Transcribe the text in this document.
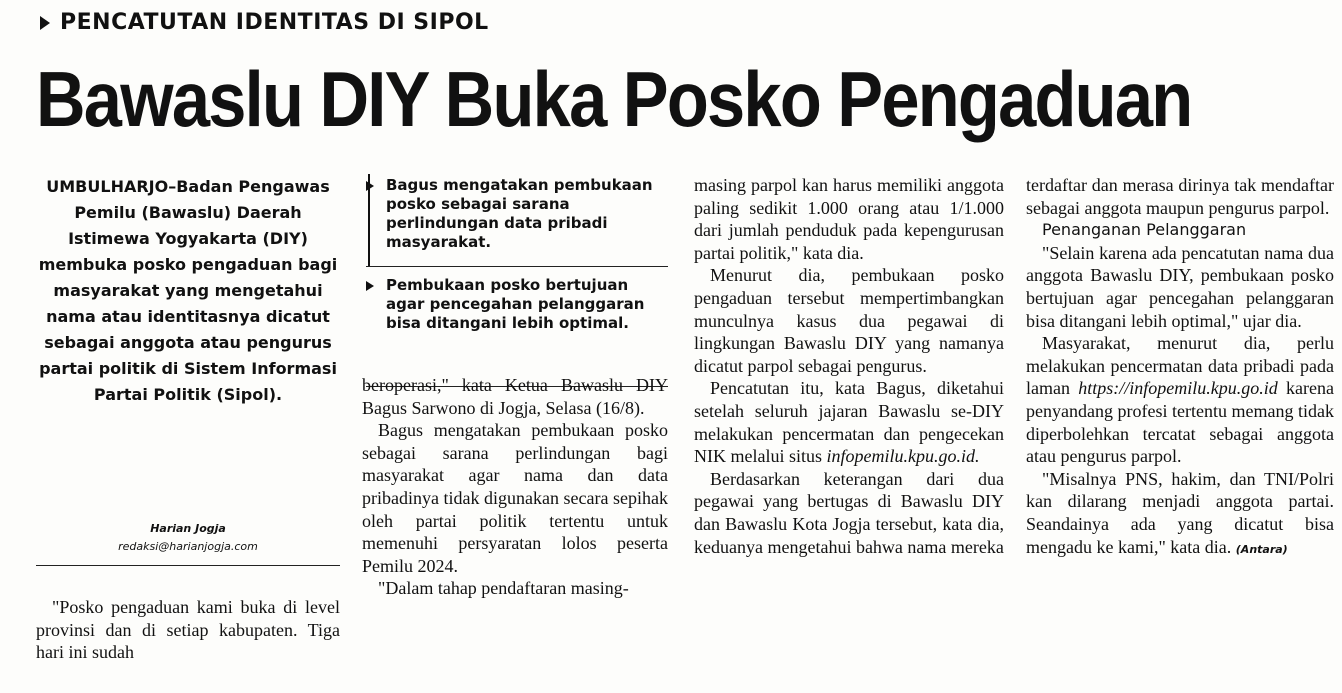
PENCATUTAN IDENTITAS DI SIPOL
Bawaslu DIY Buka Posko Pengaduan

UMBULHARJO–Badan Pengawas Pemilu (Bawaslu) Daerah Istimewa Yogyakarta (DIY) membuka posko pengaduan bagi masyarakat yang mengetahui nama atau identitasnya dicatut sebagai anggota atau pengurus partai politik di Sistem Informasi Partai Politik (Sipol).

Harian Jogja
redaksi@harianjogja.com

"Posko pengaduan kami buka di level provinsi dan di setiap kabupaten. Tiga hari ini sudah

Bagus mengatakan pembukaan posko sebagai sarana perlindungan data pribadi masyarakat.

Pembukaan posko bertujuan agar pencegahan pelanggaran bisa ditangani lebih optimal.

beroperasi," kata Ketua Bawaslu DIY Bagus Sarwono di Jogja, Selasa (16/8).

Bagus mengatakan pembukaan posko sebagai sarana perlindungan bagi masyarakat agar nama dan data pribadinya tidak digunakan secara sepihak oleh partai politik tertentu untuk memenuhi persyaratan lolos peserta Pemilu 2024.

"Dalam tahap pendaftaran masing-

masing parpol kan harus memiliki anggota paling sedikit 1.000 orang atau 1/1.000 dari jumlah penduduk pada kepengurusan partai politik," kata dia.

Menurut dia, pembukaan posko pengaduan tersebut mempertimbangkan munculnya kasus dua pegawai di lingkungan Bawaslu DIY yang namanya dicatut parpol sebagai pengurus.

Pencatutan itu, kata Bagus, diketahui setelah seluruh jajaran Bawaslu se-DIY melakukan pencermatan dan pengecekan NIK melalui situs infopemilu.kpu.go.id.

Berdasarkan keterangan dari dua pegawai yang bertugas di Bawaslu DIY dan Bawaslu Kota Jogja tersebut, kata dia, keduanya mengetahui bahwa nama mereka

terdaftar dan merasa dirinya tak mendaftar sebagai anggota maupun pengurus parpol.

Penanganan Pelanggaran

"Selain karena ada pencatutan nama dua anggota Bawaslu DIY, pembukaan posko bertujuan agar pencegahan pelanggaran bisa ditangani lebih optimal," ujar dia.

Masyarakat, menurut dia, perlu melakukan pencermatan data pribadi pada laman https://infopemilu.kpu.go.id karena penyandang profesi tertentu memang tidak diperbolehkan tercatat sebagai anggota atau pengurus parpol.

"Misalnya PNS, hakim, dan TNI/Polri kan dilarang menjadi anggota partai. Seandainya ada yang dicatut bisa mengadu ke kami," kata dia. (Antara)
